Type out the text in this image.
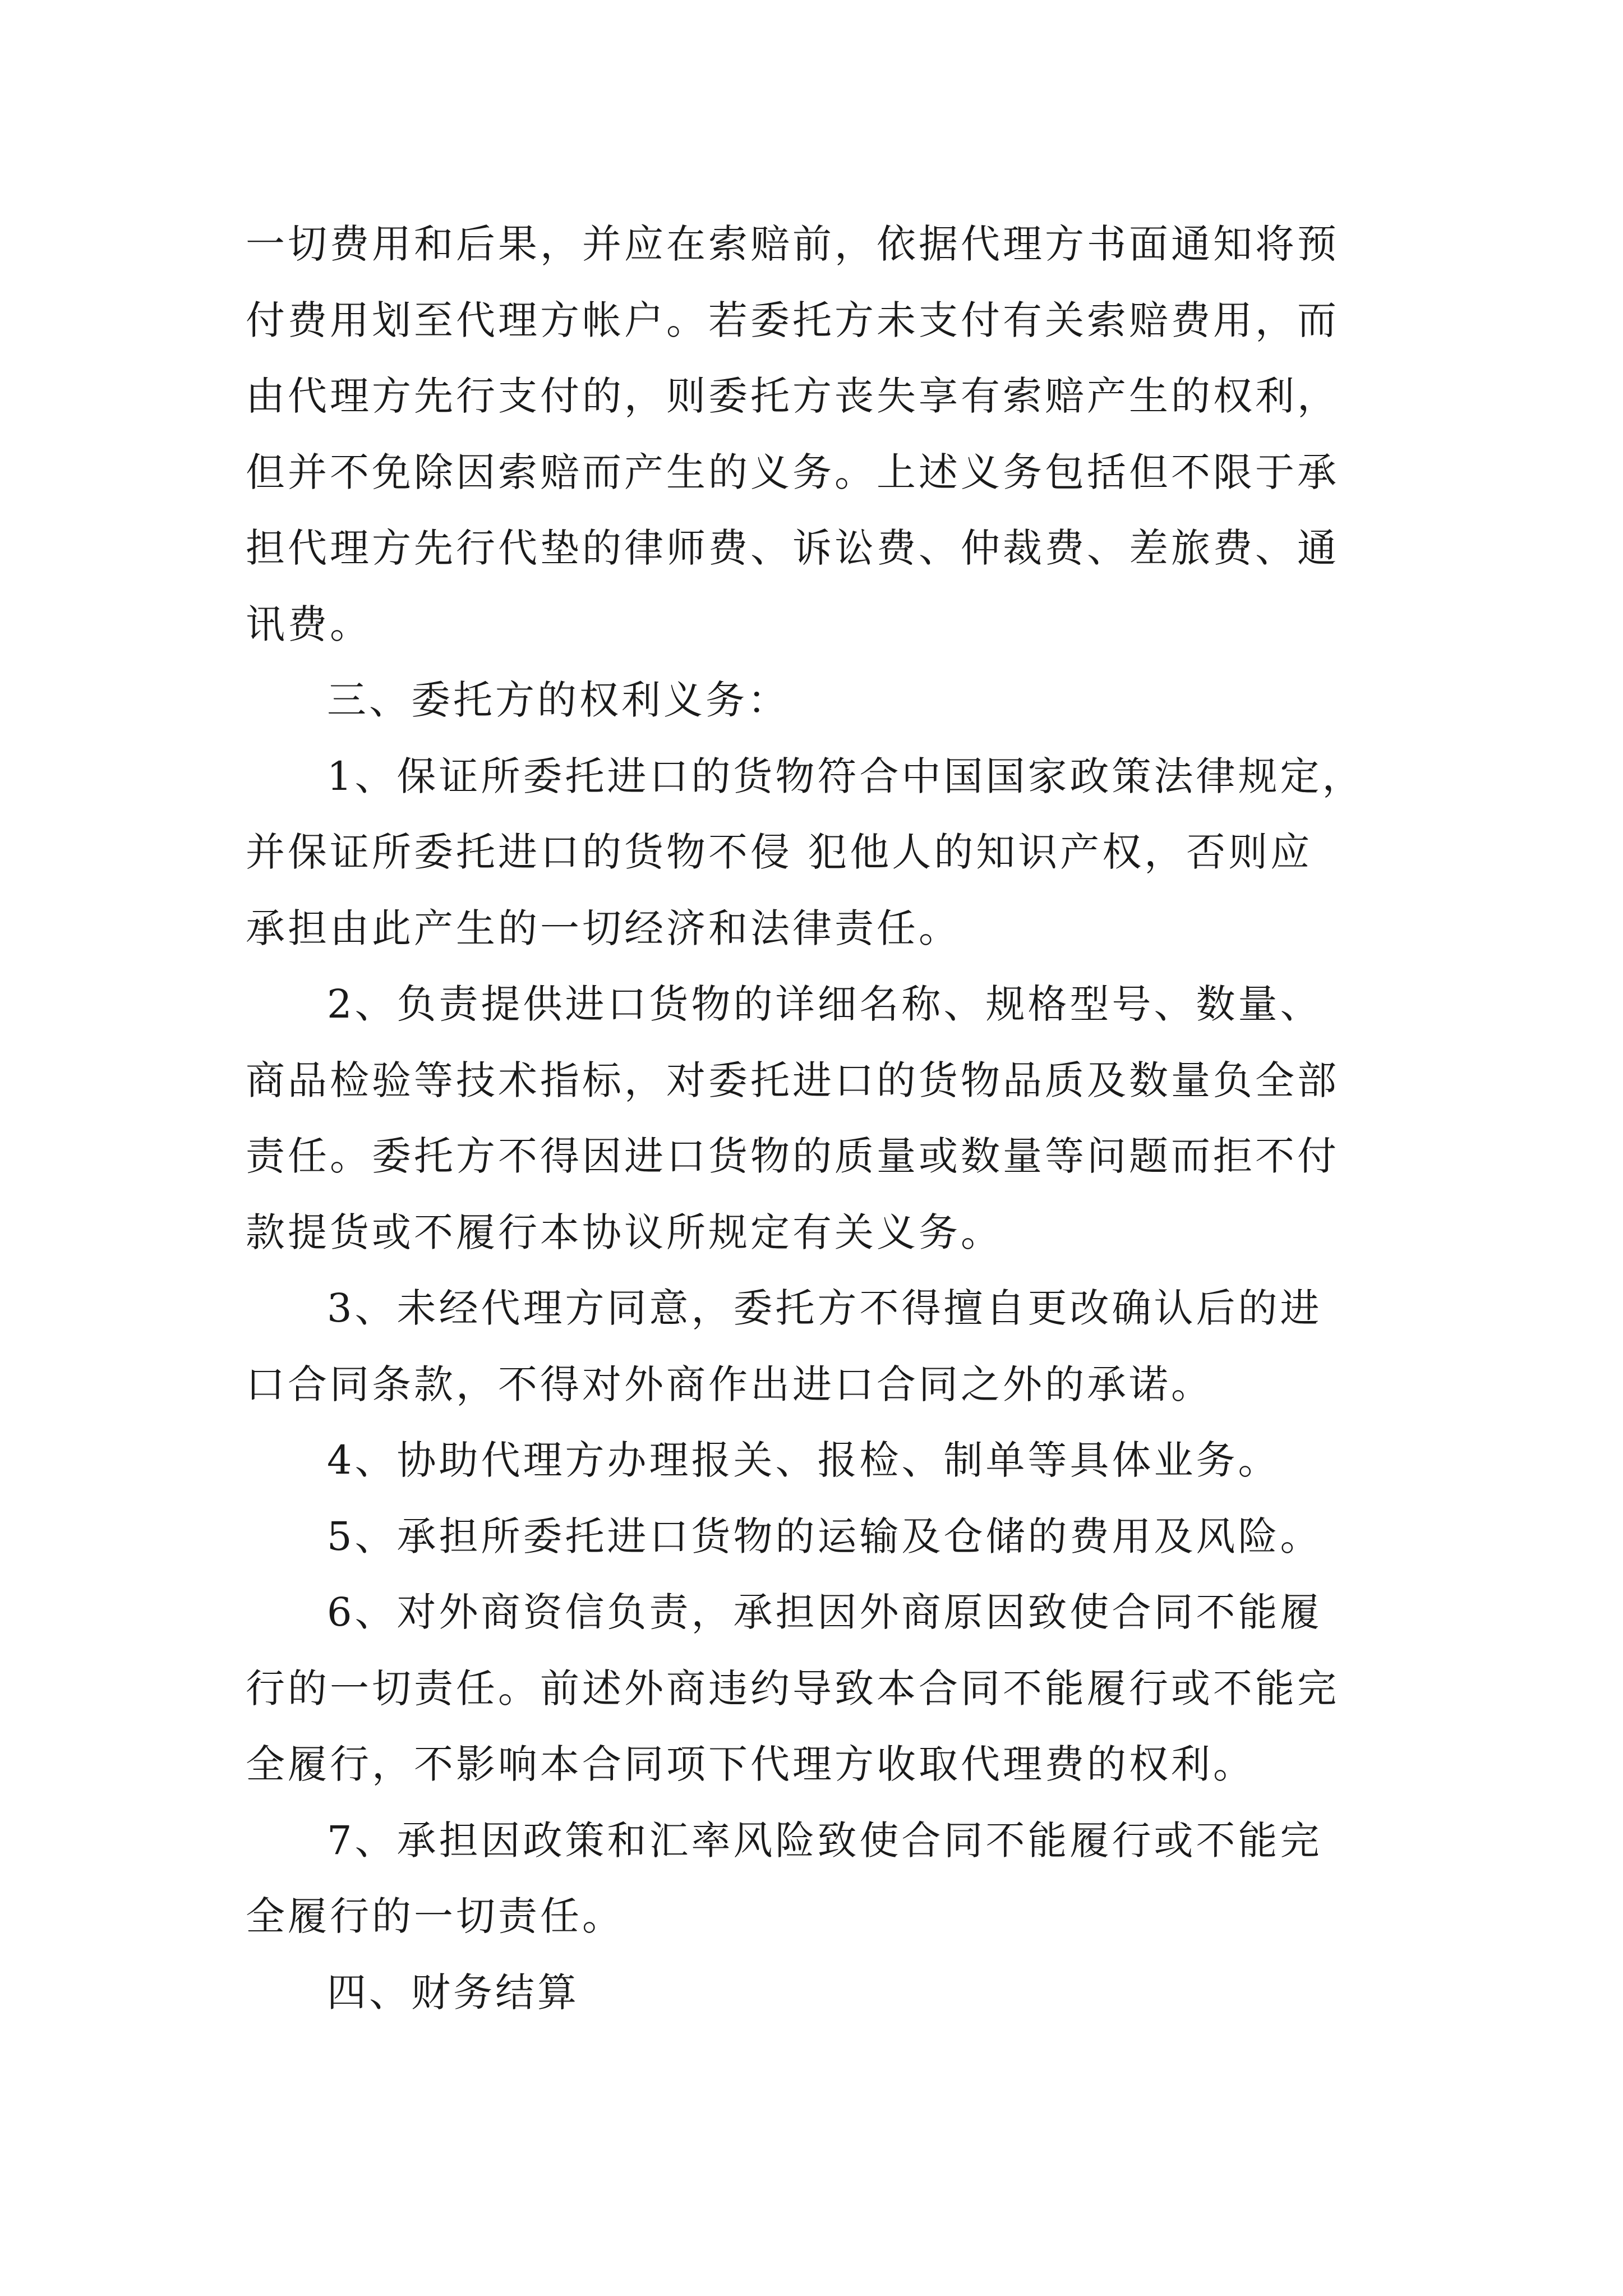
一切费用和后果，并应在索赔前，依据代理方书面通知将预
付费用划至代理方帐户。若委托方未支付有关索赔费用，而
由代理方先行支付的，则委托方丧失享有索赔产生的权利，
但并不免除因索赔而产生的义务。上述义务包括但不限于承
担代理方先行代垫的律师费、诉讼费、仲裁费、差旅费、通
讯费。
三、委托方的权利义务：
1、保证所委托进口的货物符合中国国家政策法律规定，
并保证所委托进口的货物不侵 犯他人的知识产权，否则应
承担由此产生的一切经济和法律责任。
2、负责提供进口货物的详细名称、规格型号、数量、
商品检验等技术指标，对委托进口的货物品质及数量负全部
责任。委托方不得因进口货物的质量或数量等问题而拒不付
款提货或不履行本协议所规定有关义务。
3、未经代理方同意，委托方不得擅自更改确认后的进
口合同条款，不得对外商作出进口合同之外的承诺。
4、协助代理方办理报关、报检、制单等具体业务。
5、承担所委托进口货物的运输及仓储的费用及风险。
6、对外商资信负责，承担因外商原因致使合同不能履
行的一切责任。前述外商违约导致本合同不能履行或不能完
全履行，不影响本合同项下代理方收取代理费的权利。
7、承担因政策和汇率风险致使合同不能履行或不能完
全履行的一切责任。
四、财务结算
